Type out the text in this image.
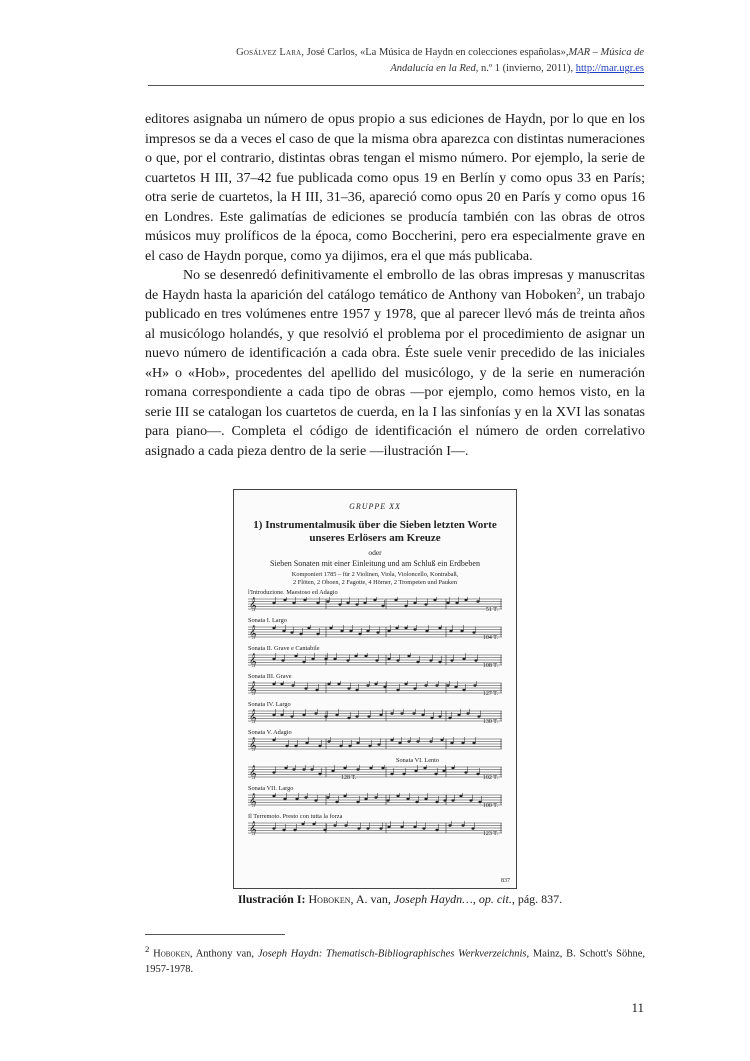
Gosálvez Lara, José Carlos, «La Música de Haydn en colecciones españolas»,MAR – Música de
Andalucía en la Red, n.º 1 (invierno, 2011), http://mar.ugr.es

editores asignaba un número de opus propio a sus ediciones de Haydn, por lo que en los impresos se da a veces el caso de que la misma obra aparezca con distintas numeraciones o que, por el contrario, distintas obras tengan el mismo número. Por ejemplo, la serie de cuartetos H III, 37–42 fue publicada como opus 19 en Berlín y como opus 33 en París; otra serie de cuartetos, la H III, 31–36, apareció como opus 20 en París y como opus 16 en Londres. Este galimatías de ediciones se producía también con las obras de otros músicos muy prolíficos de la época, como Boccherini, pero era especialmente grave en el caso de Haydn porque, como ya dijimos, era el que más publicaba.

No se desenredó definitivamente el embrollo de las obras impresas y manuscritas de Haydn hasta la aparición del catálogo temático de Anthony van Hoboken$^2$, un trabajo publicado en tres volúmenes entre 1957 y 1978, que al parecer llevó más de treinta años al musicólogo holandés, y que resolvió el problema por el procedimiento de asignar un nuevo número de identificación a cada obra. Éste suele venir precedido de las iniciales «H» o «Hob», procedentes del apellido del musicólogo, y de la serie en numeración romana correspondiente a cada tipo de obras —por ejemplo, como hemos visto, en la serie III se catalogan los cuartetos de cuerda, en la I las sinfonías y en la XVI las sonatas para piano—. Completa el código de identificación el número de orden correlativo asignado a cada pieza dentro de la serie —ilustración I—.

GRUPPE XX
1) Instrumentalmusik über die Sieben letzten Worte
unseres Erlösers am Kreuze
oder
Sieben Sonaten mit einer Einleitung und am Schluß ein Erdbeben
Komponiert 1785 – für 2 Violinen, Viola, Violoncello, Kontrabaß,
2 Flöten, 2 Oboen, 2 Fagotte, 4 Hörner, 2 Trompeten und Pauken
l'Introduzione. Maestoso ed Adagio
𝄞	51 T.
Sonata I. Largo
𝄞	104 T.
Sonata II. Grave e Cantabile
𝄞	108 T.
Sonata III. Grave
𝄞	127 T.
Sonata IV. Largo
𝄞	130 T.
Sonata V. Adagio
𝄞
Sonata VI. Lento
𝄞	128 T.	102 T.
Sonata VII. Largo
𝄞	100 T.
Il Terremoto. Presto con tutta la forza
𝄞	123 T.
837
Ilustración I: Hoboken, A. van, Joseph Haydn…, op. cit., pág. 837.
$^2$ Hoboken, Anthony van, Joseph Haydn: Thematisch-Bibliographisches Werkverzeichnis, Mainz, B. Schott's Söhne, 1957-1978.
11
